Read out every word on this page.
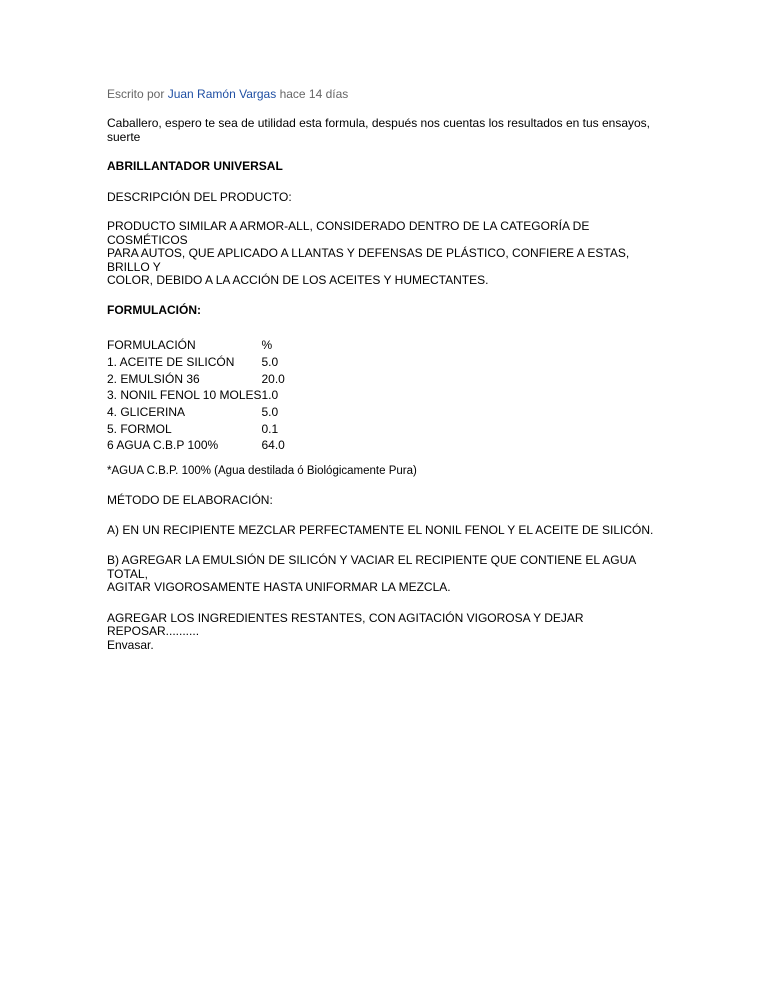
Escrito por Juan Ramón Vargas hace 14 días

Caballero, espero te sea de utilidad esta formula, después nos cuentas los resultados en tus ensayos, suerte

ABRILLANTADOR UNIVERSAL

DESCRIPCIÓN DEL PRODUCTO:

PRODUCTO SIMILAR A ARMOR-ALL, CONSIDERADO DENTRO DE LA CATEGORÍA DE COSMÉTICOS

PARA AUTOS, QUE APLICADO A LLANTAS Y DEFENSAS DE PLÁSTICO, CONFIERE A ESTAS, BRILLO Y

COLOR, DEBIDO A LA ACCIÓN DE LOS ACEITES Y HUMECTANTES.

FORMULACIÓN:

FORMULACIÓN	%
1. ACEITE DE SILICÓN	5.0
2. EMULSIÓN 36	20.0
3. NONIL FENOL 10 MOLES	1.0
4. GLICERINA	5.0
5. FORMOL	0.1
6 AGUA C.B.P 100%	64.0

*AGUA C.B.P. 100% (Agua destilada ó Biológicamente Pura)

MÉTODO DE ELABORACIÓN:

A) EN UN RECIPIENTE MEZCLAR PERFECTAMENTE EL NONIL FENOL Y EL ACEITE DE SILICÓN.

B) AGREGAR LA EMULSIÓN DE SILICÓN Y VACIAR EL RECIPIENTE QUE CONTIENE EL AGUA TOTAL,

AGITAR VIGOROSAMENTE HASTA UNIFORMAR LA MEZCLA.

AGREGAR LOS INGREDIENTES RESTANTES, CON AGITACIÓN VIGOROSA Y DEJAR REPOSAR..........

Envasar.
